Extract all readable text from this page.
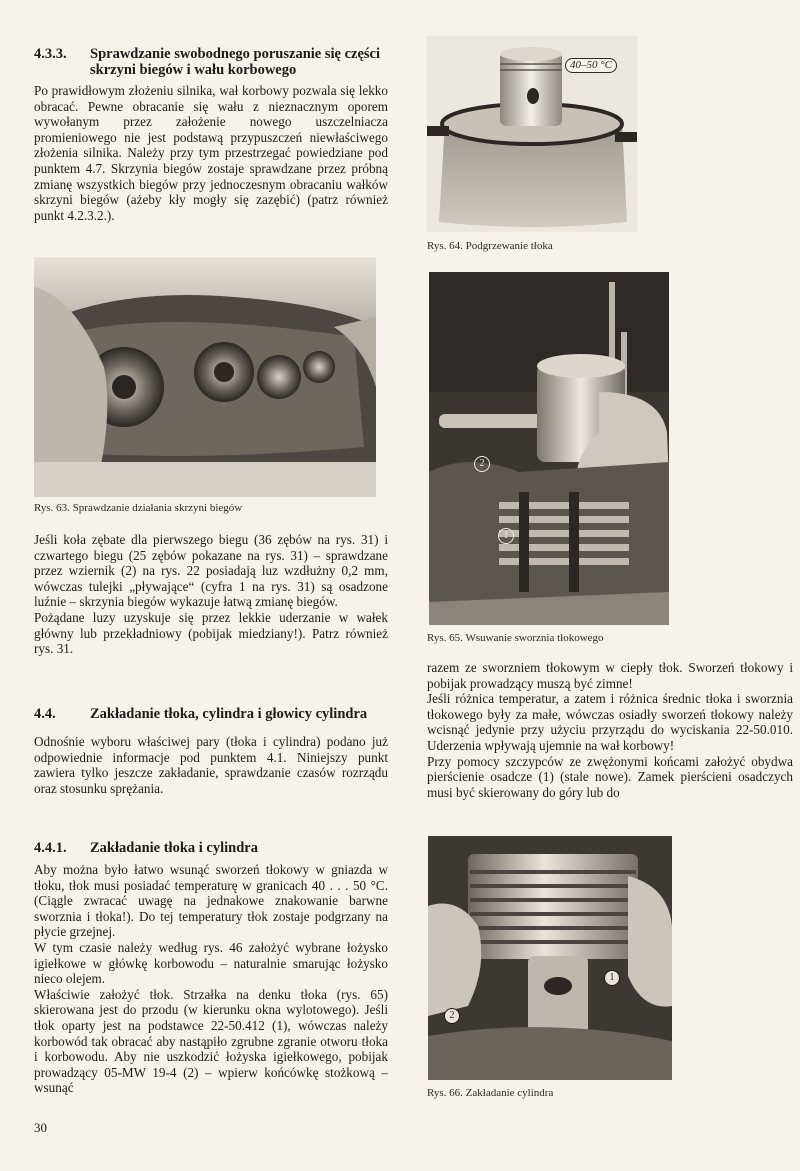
4.3.3.	Sprawdzanie swobodnego poruszanie się części skrzyni biegów i wału korbowego

Po prawidłowym złożeniu silnika, wał korbowy pozwala się lekko obracać. Pewne obracanie się wału z nieznacznym oporem wywołanym przez założenie nowego uszczelniacza promieniowego nie jest podstawą przypuszczeń niewłaściwego złożenia silnika. Należy przy tym przestrzegać powiedziane pod punktem 4.7. Skrzynia biegów zostaje sprawdzane przez próbną zmianę wszystkich biegów przy jednoczesnym obracaniu wałków skrzyni biegów (ażeby kły mogły się zazębić) (patrz również punkt 4.2.3.2.).

Rys. 63. Sprawdzanie działania skrzyni biegów

Jeśli koła zębate dla pierwszego biegu (36 zębów na rys. 31) i czwartego biegu (25 zębów pokazane na rys. 31) – sprawdzane przez wziernik (2) na rys. 22 posiadają luz wzdłużny 0,2 mm, wówczas tulejki „pływające“ (cyfra 1 na rys. 31) są osadzone luźnie – skrzynia biegów wykazuje łatwą zmianę biegów.

Pożądane luzy uzyskuje się przez lekkie uderzanie w wałek główny lub przekładniowy (pobijak miedziany!). Patrz również rys. 31.

4.4.	Zakładanie tłoka, cylindra i głowicy cylindra

Odnośnie wyboru właściwej pary (tłoka i cylindra) podano już odpowiednie informacje pod punktem 4.1. Niniejszy punkt zawiera tylko jeszcze zakładanie, sprawdzanie czasów rozrządu oraz stosunku sprężania.

4.4.1.	Zakładanie tłoka i cylindra

Aby można było łatwo wsunąć sworzeń tłokowy w gniazda w tłoku, tłok musi posiadać temperaturę w granicach 40 . . . 50 °C. (Ciągle zwracać uwagę na jednakowe znakowanie barwne sworznia i tłoka!). Do tej temperatury tłok zostaje podgrzany na płycie grzejnej.

W tym czasie należy według rys. 46 założyć wybrane łożysko igiełkowe w główkę korbowodu – naturalnie smarując łożysko nieco olejem.

Właściwie założyć tłok. Strzałka na denku tłoka (rys. 65) skierowana jest do przodu (w kierunku okna wylotowego). Jeśli tłok oparty jest na podstawce 22-50.412 (1), wówczas należy korbowód tak obracać aby nastąpiło zgrubne zgranie otworu tłoka i korbowodu. Aby nie uszkodzić łożyska igiełkowego, pobijak prowadzący 05-MW 19-4 (2) – wpierw końcówkę stożkową – wsunąć

30
40–50 °C
Rys. 64. Podgrzewanie tłoka
2
1
Rys. 65. Wsuwanie sworznia tłokowego

razem ze sworzniem tłokowym w ciepły tłok. Sworzeń tłokowy i pobijak prowadzący muszą być zimne!

Jeśli różnica temperatur, a zatem i różnica średnic tłoka i sworznia tłokowego były za małe, wówczas osiadły sworzeń tłokowy należy wcisnąć jedynie przy użyciu przyrządu do wyciskania 22-50.010. Uderzenia wpływają ujemnie na wał korbowy!

Przy pomocy szczypców ze zwężonymi końcami założyć obydwa pierścienie osadcze (1) (stale nowe). Zamek pierścieni osadczych musi być skierowany do góry lub do

1
2
Rys. 66. Zakładanie cylindra
